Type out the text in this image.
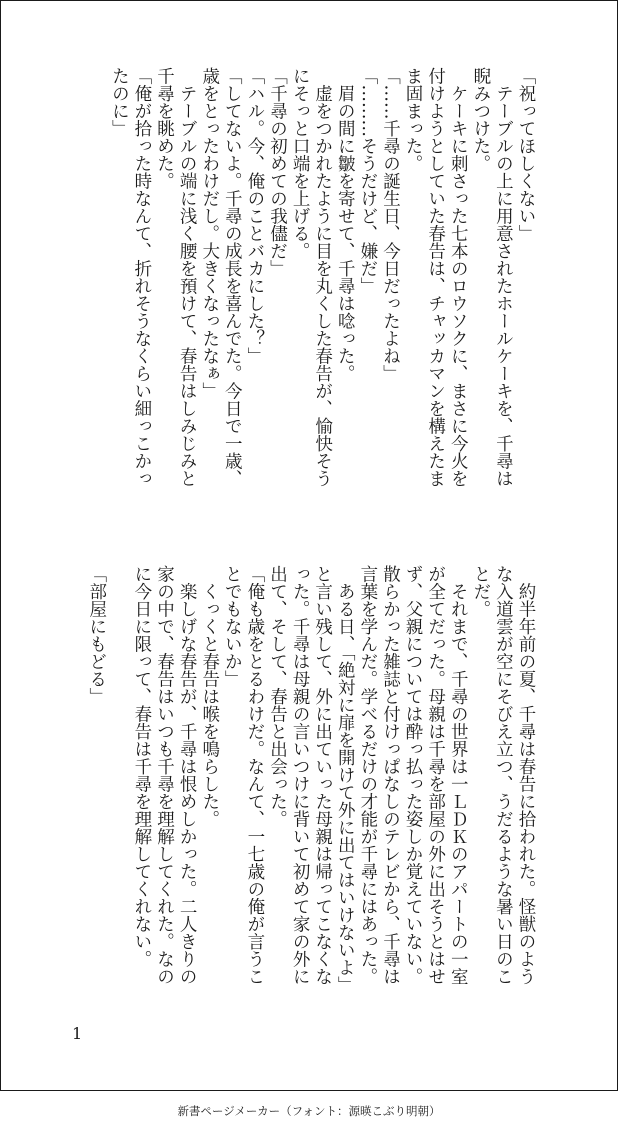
「祝ってほしくない」
　テーブルの上に用意されたホールケーキを、千尋は
睨みつけた。
　ケーキに刺さった七本のロウソクに、まさに今火を
付けようとしていた春告は、チャッカマンを構えたま
ま固まった。
「……千尋の誕生日、今日だったよね」
「………そうだけど、嫌だ」
　眉の間に皺を寄せて、千尋は唸った。
　虚をつかれたように目を丸くした春告が、愉快そう
にそっと口端を上げる。
「千尋の初めての我儘だ」
「ハル。今、俺のことバカにした？」
「してないよ。千尋の成長を喜んでた。今日で一歳、
歳をとったわけだし。大きくなったなぁ」
　テーブルの端に浅く腰を預けて、春告はしみじみと
千尋を眺めた。
「俺が拾った時なんて、折れそうなくらい細っこかっ
たのに」
　約半年前の夏、千尋は春告に拾われた。怪獣のよう
な入道雲が空にそびえ立つ、うだるような暑い日のこ
とだ。
　それまで、千尋の世界は一ＬＤＫのアパートの一室
が全てだった。母親は千尋を部屋の外に出そうとはせ
ず、父親については酔っ払った姿しか覚えていない。
散らかった雑誌と付けっぱなしのテレビから、千尋は
言葉を学んだ。学べるだけの才能が千尋にはあった。
　ある日、「絶対に扉を開けて外に出てはいけないよ」
と言い残して、外に出ていった母親は帰ってこなくな
った。千尋は母親の言いつけに背いて初めて家の外に
出て、そして、春告と出会った。
「俺も歳をとるわけだ。なんて、一七歳の俺が言うこ
とでもないか」
　くっくと春告は喉を鳴らした。
　楽しげな春告が、千尋は恨めしかった。二人きりの
家の中で、春告はいつも千尋を理解してくれた。なの
に今日に限って、春告は千尋を理解してくれない。

「部屋にもどる」
1
新書ページメーカー（フォント：源暎こぶり明朝）
